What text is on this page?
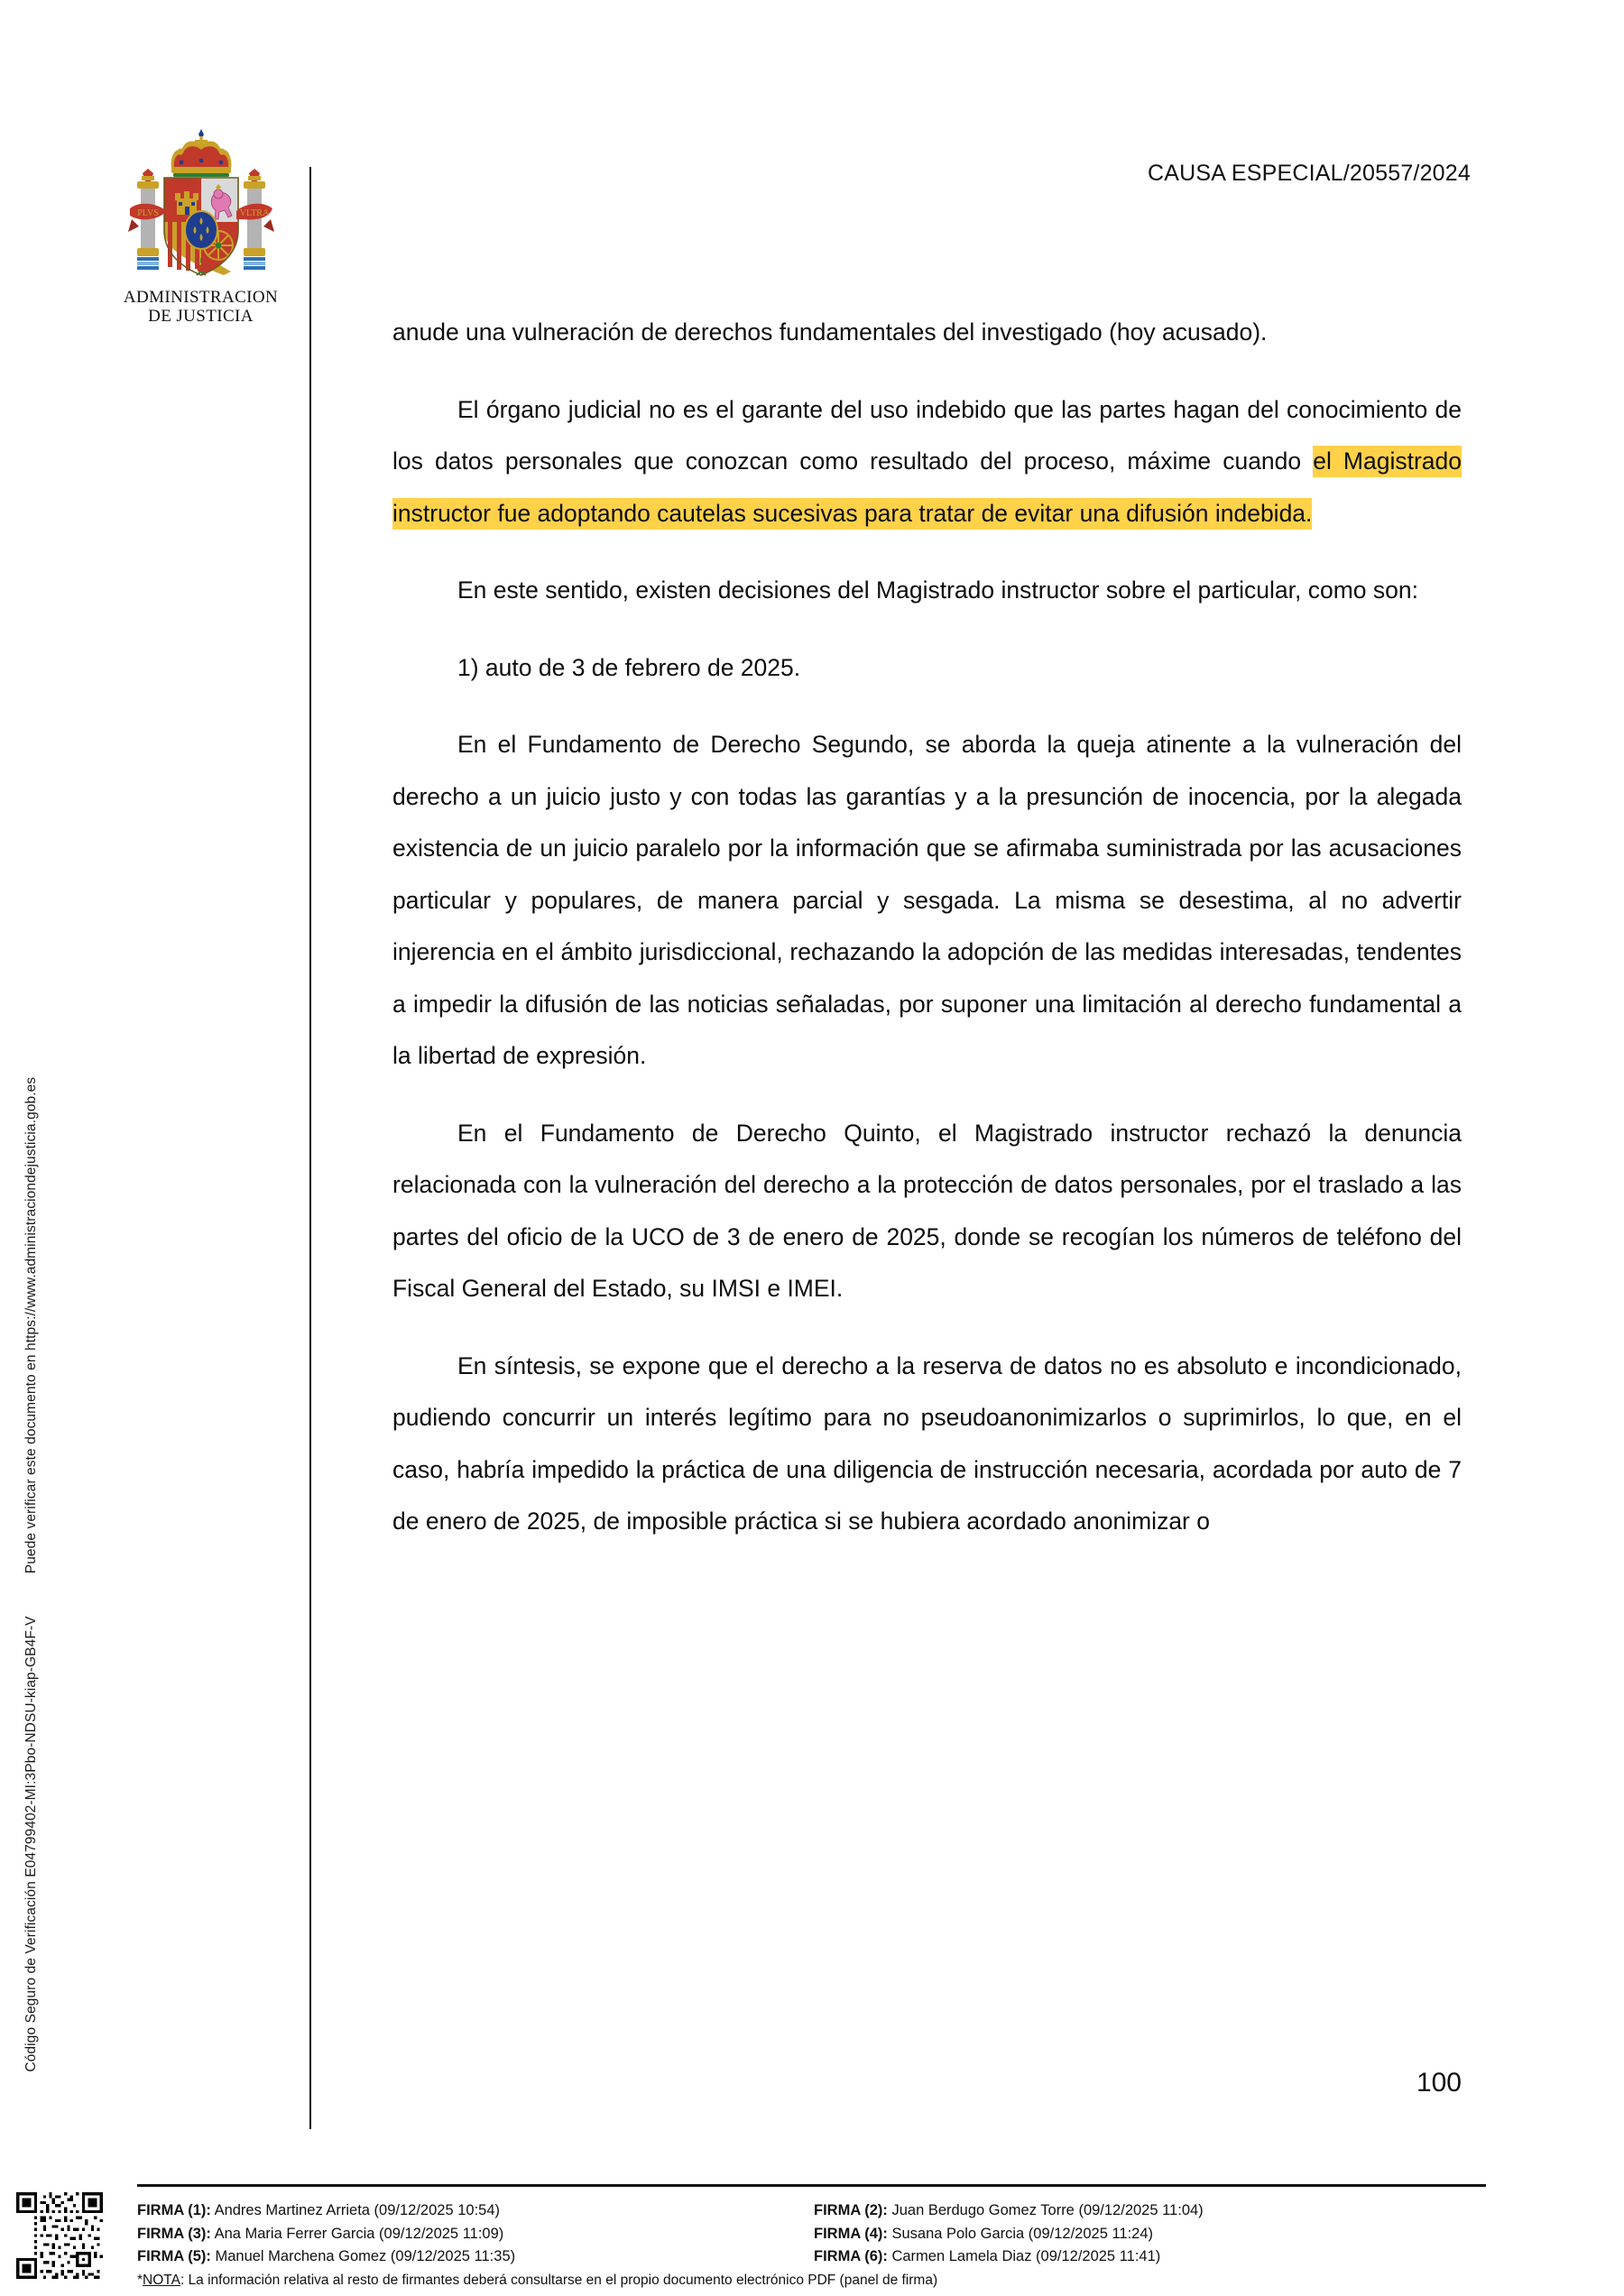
Puede verificar este documento en https://www.administraciondejusticia.gob.es
Código Seguro de Verificación E04799402-MI:3Pbo-NDSU-kiap-GB4F-V
PLVS	VLTRA
ADMINISTRACION
DE JUSTICIA
CAUSA ESPECIAL/20557/2024

anude una vulneración de derechos fundamentales del investigado (hoy acusado).

El órgano judicial no es el garante del uso indebido que las partes hagan del conocimiento de los datos personales que conozcan como resultado del proceso, máxime cuando el Magistrado instructor fue adoptando cautelas sucesivas para tratar de evitar una difusión indebida.

En este sentido, existen decisiones del Magistrado instructor sobre el particular, como son:

1) auto de 3 de febrero de 2025.

En el Fundamento de Derecho Segundo, se aborda la queja atinente a la vulneración del derecho a un juicio justo y con todas las garantías y a la presunción de inocencia, por la alegada existencia de un juicio paralelo por la información que se afirmaba suministrada por las acusaciones particular y populares, de manera parcial y sesgada. La misma se desestima, al no advertir injerencia en el ámbito jurisdiccional, rechazando la adopción de las medidas interesadas, tendentes a impedir la difusión de las noticias señaladas, por suponer una limitación al derecho fundamental a la libertad de expresión.

En el Fundamento de Derecho Quinto, el Magistrado instructor rechazó la denuncia relacionada con la vulneración del derecho a la protección de datos personales, por el traslado a las partes del oficio de la UCO de 3 de enero de 2025, donde se recogían los números de teléfono del Fiscal General del Estado, su IMSI e IMEI.

En síntesis, se expone que el derecho a la reserva de datos no es absoluto e incondicionado, pudiendo concurrir un interés legítimo para no pseudoanonimizarlos o suprimirlos, lo que, en el caso, habría impedido la práctica de una diligencia de instrucción necesaria, acordada por auto de 7 de enero de 2025, de imposible práctica si se hubiera acordado anonimizar o

100
FIRMA (1): Andres Martinez Arrieta (09/12/2025 10:54)	FIRMA (2): Juan Berdugo Gomez Torre (09/12/2025 11:04)
FIRMA (3): Ana Maria Ferrer Garcia (09/12/2025 11:09)	FIRMA (4): Susana Polo Garcia (09/12/2025 11:24)
FIRMA (5): Manuel Marchena Gomez (09/12/2025 11:35)	FIRMA (6): Carmen Lamela Diaz (09/12/2025 11:41)
*NOTA: La información relativa al resto de firmantes deberá consultarse en el propio documento electrónico PDF (panel de firma)
